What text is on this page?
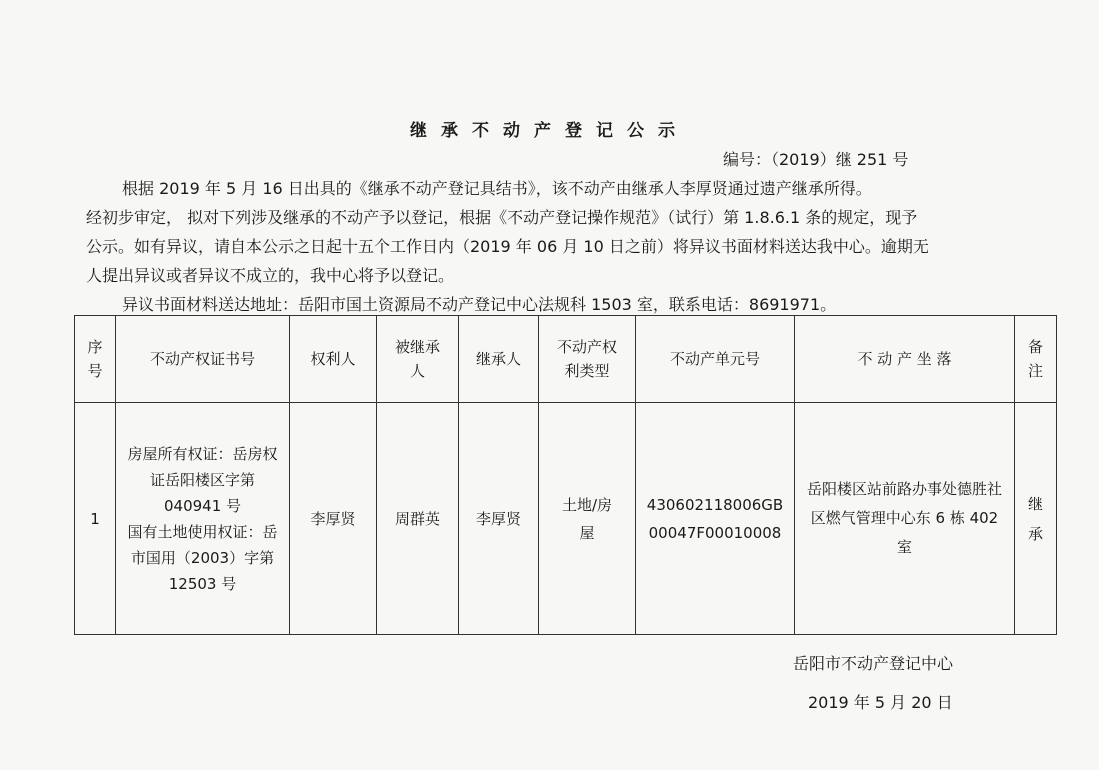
继承不动产登记公示
编号：（2019）继 251 号
根据 2019 年 5 月 16 日出具的《继承不动产登记具结书》，该不动产由继承人李厚贤通过遗产继承所得。
经初步审定， 拟对下列涉及继承的不动产予以登记，根据《不动产登记操作规范》（试行）第 1.8.6.1 条的规定，现予
公示。如有异议，请自本公示之日起十五个工作日内（2019 年 06 月 10 日之前）将异议书面材料送达我中心。逾期无
人提出异议或者异议不成立的，我中心将予以登记。
异议书面材料送达地址：岳阳市国土资源局不动产登记中心法规科 1503 室，联系电话：8691971。
序号	不动产权证书号	权利人	被继承人	继承人	不动产权利类型	不动产单元号	不 动 产 坐 落	备注
1	房屋所有权证：岳房权证岳阳楼区字第 040941 号
国有土地使用权证：岳市国用（2003）字第 12503 号	李厚贤	周群英	李厚贤	土地/房屋	430602118006GB00047F00010008	岳阳楼区站前路办事处德胜社区燃气管理中心东 6 栋 402 室	继承
岳阳市不动产登记中心
2019 年 5 月 20 日
